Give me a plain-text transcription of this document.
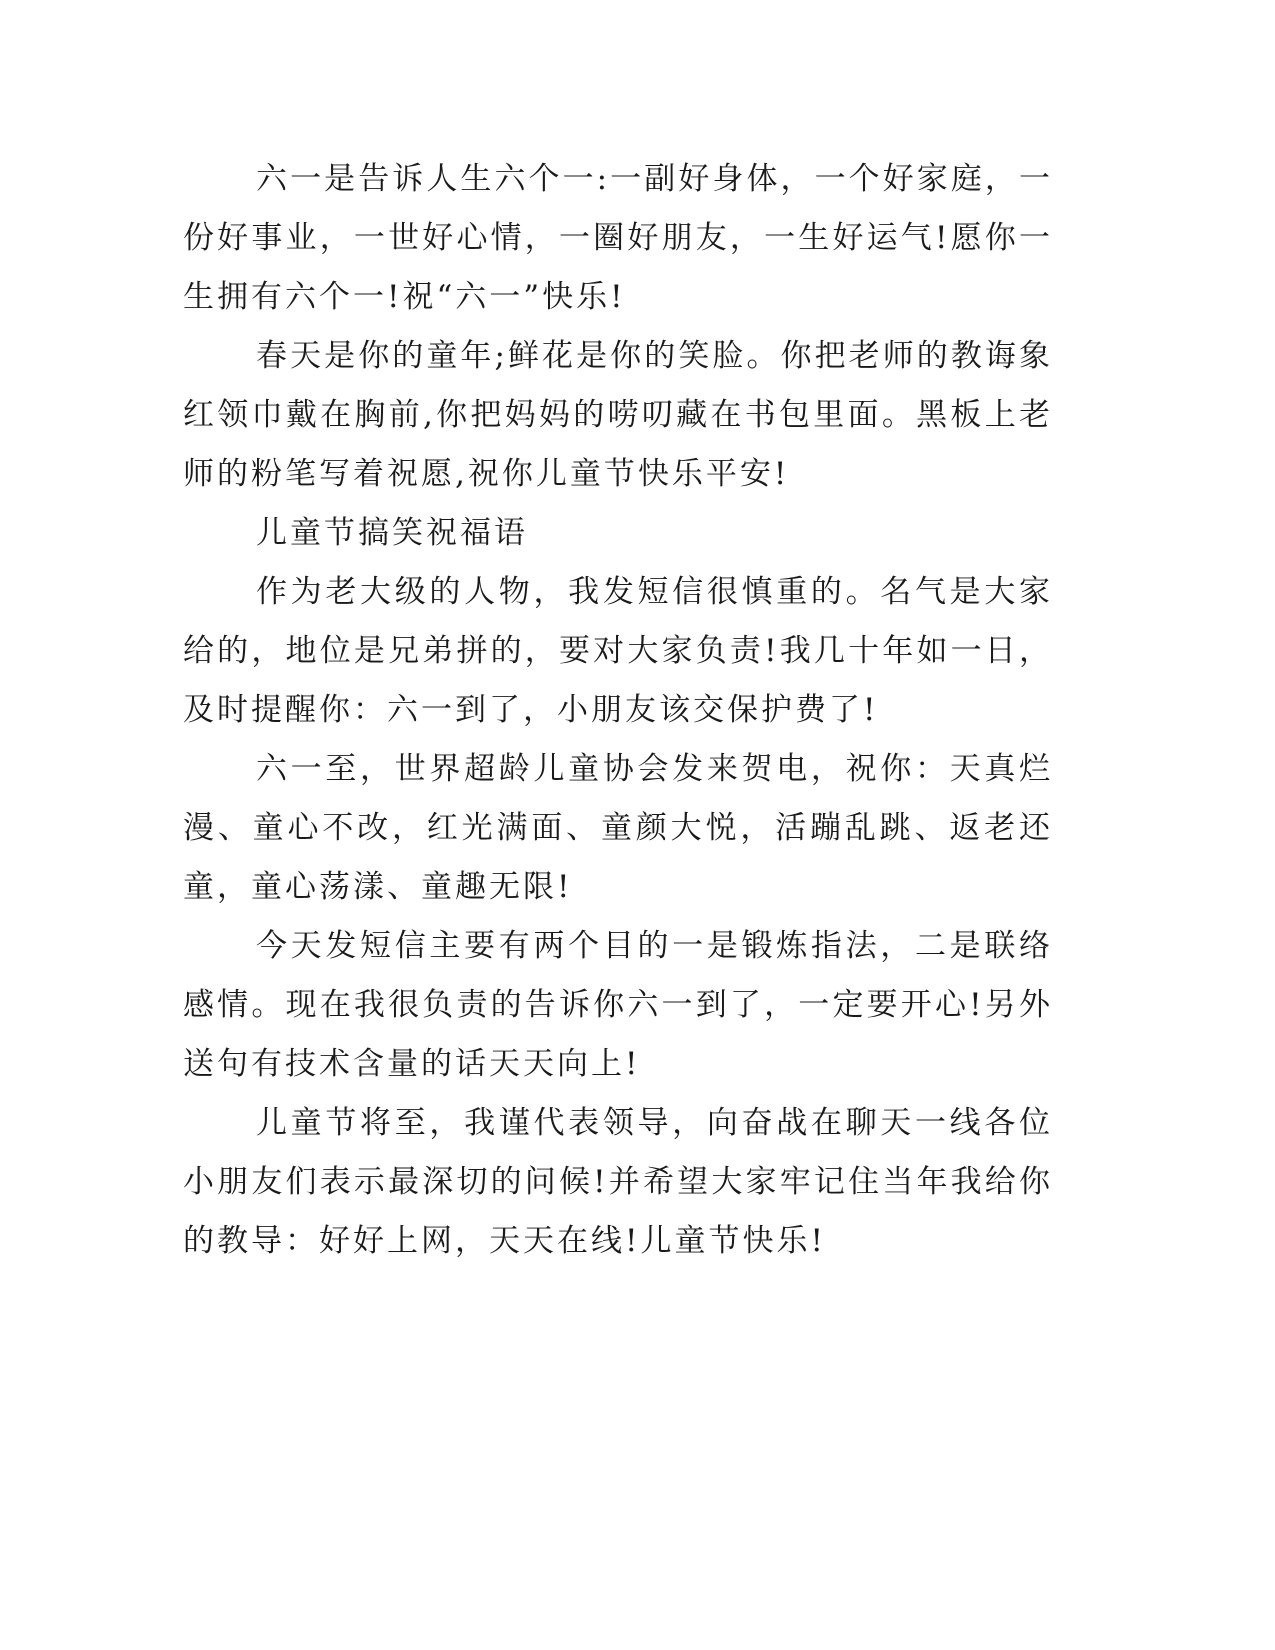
六一是告诉人生六个一:一副好身体，一个好家庭，一份好事业，一世好心情，一圈好朋友，一生好运气!愿你一生拥有六个一!祝“六一”快乐!

春天是你的童年;鲜花是你的笑脸。你把老师的教诲象红领巾戴在胸前,你把妈妈的唠叨藏在书包里面。黑板上老师的粉笔写着祝愿,祝你儿童节快乐平安!

儿童节搞笑祝福语

作为老大级的人物，我发短信很慎重的。名气是大家给的，地位是兄弟拼的，要对大家负责!我几十年如一日，及时提醒你：六一到了，小朋友该交保护费了!

六一至，世界超龄儿童协会发来贺电，祝你：天真烂漫、童心不改，红光满面、童颜大悦，活蹦乱跳、返老还童，童心荡漾、童趣无限!

今天发短信主要有两个目的一是锻炼指法，二是联络感情。现在我很负责的告诉你六一到了，一定要开心!另外送句有技术含量的话天天向上!

儿童节将至，我谨代表领导，向奋战在聊天一线各位小朋友们表示最深切的问候!并希望大家牢记住当年我给你的教导：好好上网，天天在线!儿童节快乐!
